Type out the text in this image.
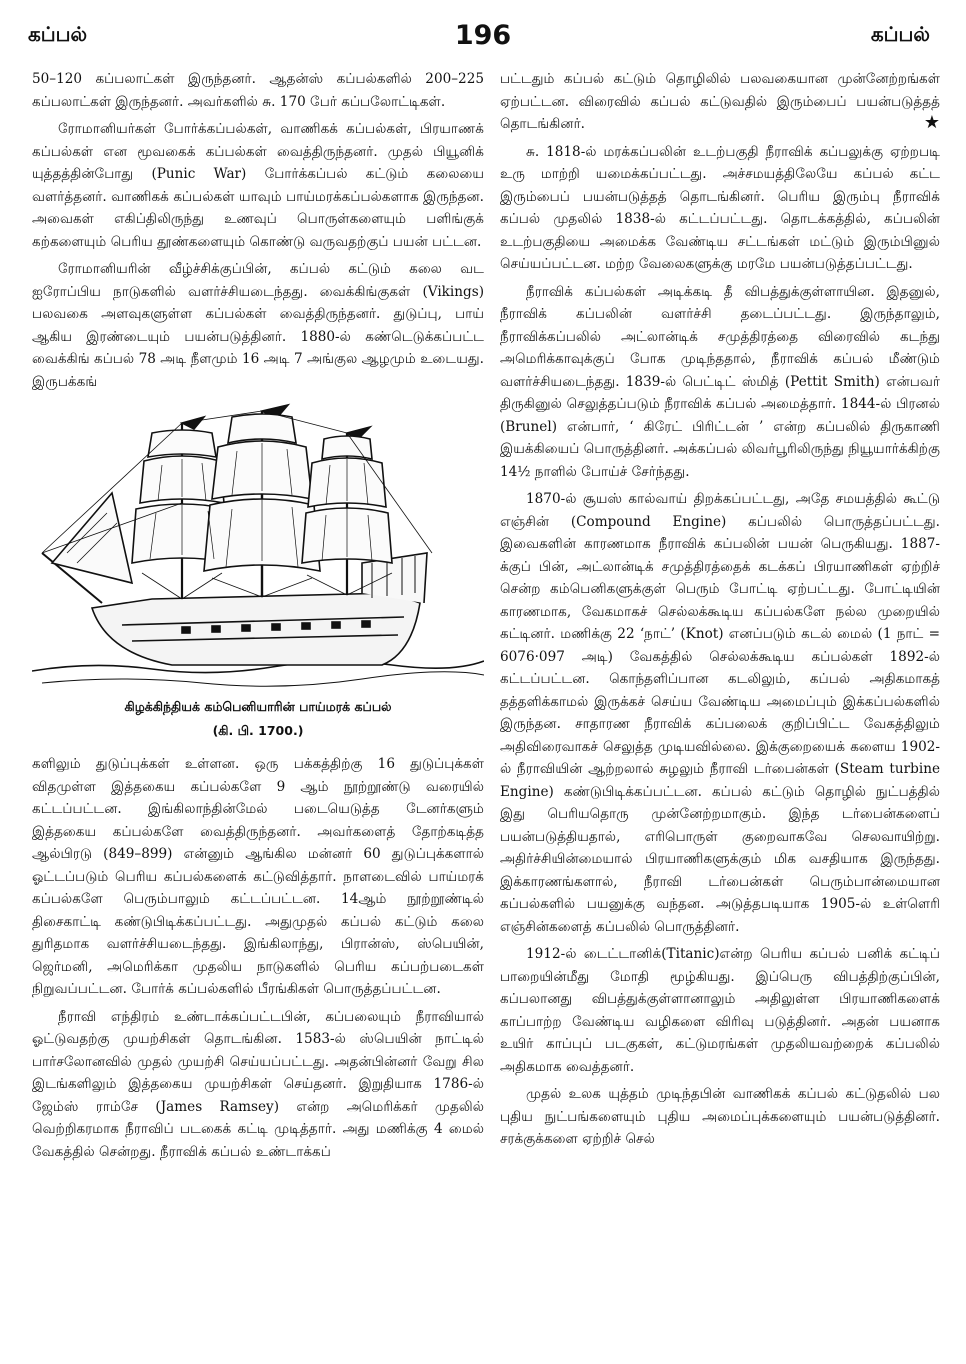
கப்பல்	196	கப்பல்

50–120 கப்பலாட்கள் இருந்தனர். ஆதன்ஸ் கப்பல்களில் 200–225 கப்பலாட்கள் இருந்தனர். அவர்களில் சு. 170 பேர் கப்பலோட்டிகள்.

ரோமானியர்கள் போர்க்கப்பல்கள், வாணிகக் கப்பல்கள், பிரயாணக் கப்பல்கள் என மூவகைக் கப்பல்கள் வைத்திருந்தனர். முதல் பியூனிக் யுத்தத்தின்போது (Punic War) போர்க்கப்பல் கட்டும் கலையை வளர்த்தனர். வாணிகக் கப்பல்கள் யாவும் பாய்மரக்கப்பல்களாக இருந்தன. அவைகள் எகிப்திலிருந்து உணவுப் பொருள்களையும் பளிங்குக் கற்களையும் பெரிய தூண்களையும் கொண்டு வருவதற்குப் பயன் பட்டன.

ரோமானியரின் வீழ்ச்சிக்குப்பின், கப்பல் கட்டும் கலை வட ஐரோப்பிய நாடுகளில் வளர்ச்சியடைந்தது. வைக்கிங்குகள் (Vikings) பலவகை அளவுகளுள்ள கப்பல்கள் வைத்திருந்தனர். துடுப்பு, பாய் ஆகிய இரண்டையும் பயன்படுத்தினர். 1880-ல் கண்டெடுக்கப்பட்ட வைக்கிங் கப்பல் 78 அடி நீளமும் 16 அடி 7 அங்குல ஆழமும் உடையது. இருபக்கங்

கிழக்கிந்தியக் கம்பெனியாரின் பாய்மரக் கப்பல்
(கி. பி. 1700.)

களிலும் துடுப்புக்கள் உள்ளன. ஒரு பக்கத்திற்கு 16 துடுப்புக்கள் விதமுள்ள இத்தகைய கப்பல்களே 9 ஆம் நூற்றூண்டு வரையில் கட்டப்பட்டன. இங்கிலாந்தின்மேல் படையெடுத்த டேனர்களும் இத்தகைய கப்பல்களே வைத்திருந்தனர். அவர்களைத் தோற்கடித்த ஆல்பிரடு (849–899) என்னும் ஆங்கில மன்னர் 60 துடுப்புக்களால் ஓட்டப்படும் பெரிய கப்பல்களைக் கட்டுவித்தார். நாளடைவில் பாய்மரக் கப்பல்களே பெரும்பாலும் கட்டப்பட்டன. 14ஆம் நூற்றூண்டில் திசைகாட்டி கண்டுபிடிக்கப்பட்டது. அதுமுதல் கப்பல் கட்டும் கலை துரிதமாக வளர்ச்சியடைந்தது. இங்கிலாந்து, பிரான்ஸ், ஸ்பெயின், ஜெர்மனி, அமெரிக்கா முதலிய நாடுகளில் பெரிய கப்பற்படைகள் நிறுவப்பட்டன. போர்க் கப்பல்களில் பீரங்கிகள் பொருத்தப்பட்டன.

நீராவி எந்திரம் உண்டாக்கப்பட்டபின், கப்பலையும் நீராவியால் ஓட்டுவதற்கு முயற்சிகள் தொடங்கின. 1583-ல் ஸ்பெயின் நாட்டில் பார்சலோனவில் முதல் முயற்சி செய்யப்பட்டது. அதன்பின்னர் வேறு சில இடங்களிலும் இத்தகைய முயற்சிகள் செய்தனர். இறுதியாக 1786-ல் ஜேம்ஸ் ராம்சே (James Ramsey) என்ற அமெரிக்கர் முதலில் வெற்றிகரமாக நீராவிப் படகைக் கட்டி முடித்தார். அது மணிக்கு 4 மைல் வேகத்தில் சென்றது. நீராவிக் கப்பல் உண்டாக்கப்

பட்டதும் கப்பல் கட்டும் தொழிலில் பலவகையான முன்னேற்றங்கள் ஏற்பட்டன. விரைவில் கப்பல் கட்டுவதில் இரும்பைப் பயன்படுத்தத் தொடங்கினர்.	★

சு. 1818-ல் மரக்கப்பலின் உடற்பகுதி நீராவிக் கப்பலுக்கு ஏற்றபடி உரு மாற்றி யமைக்கப்பட்டது. அச்சமயத்திலேயே கப்பல் கட்ட இரும்பைப் பயன்படுத்தத் தொடங்கினர். பெரிய இரும்பு நீராவிக் கப்பல் முதலில் 1838-ல் கட்டப்பட்டது. தொடக்கத்தில், கப்பலின் உடற்பகுதியை அமைக்க வேண்டிய சட்டங்கள் மட்டும் இரும்பினுல் செய்யப்பட்டன. மற்ற வேலைகளுக்கு மரமே பயன்படுத்தப்பட்டது.

நீராவிக் கப்பல்கள் அடிக்கடி தீ விபத்துக்குள்ளாயின. இதனுல், நீராவிக் கப்பலின் வளர்ச்சி தடைப்பட்டது. இருந்தாலும், நீராவிக்கப்பலில் அட்லான்டிக் சமுத்திரத்தை விரைவில் கடந்து அமெரிக்காவுக்குப் போக முடிந்ததால், நீராவிக் கப்பல் மீண்டும் வளர்ச்சியடைந்தது. 1839-ல் பெட்டிட் ஸ்மித் (Pettit Smith) என்பவர் திருகினுல் செலுத்தப்படும் நீராவிக் கப்பல் அமைத்தார். 1844-ல் பிரனல் (Brunel) என்பார், ‘ கிரேட் பிரிட்டன் ’ என்ற கப்பலில் திருகாணி இயக்கியைப் பொருத்தினர். அக்கப்பல் லிவர்பூரிலிருந்து நியூயார்க்கிற்கு 14½ நாளில் போய்ச் சேர்ந்தது.

1870-ல் சூயஸ் கால்வாய் திறக்கப்பட்டது, அதே சமயத்தில் கூட்டு எஞ்சின் (Compound Engine) கப்பலில் பொருத்தப்பட்டது. இவைகளின் காரணமாக நீராவிக் கப்பலின் பயன் பெருகியது. 1887-க்குப் பின், அட்லான்டிக் சமுத்திரத்தைக் கடக்கப் பிரயாணிகள் ஏற்றிச் சென்ற கம்பெனிகளுக்குள் பெரும் போட்டி ஏற்பட்டது. போட்டியின் காரணமாக, வேகமாகச் செல்லக்கூடிய கப்பல்களே நல்ல முறையில் கட்டினர். மணிக்கு 22 ‘நாட்’ (Knot) எனப்படும் கடல் மைல் (1 நாட் = 6076·097 அடி) வேகத்தில் செல்லக்கூடிய கப்பல்கள் 1892-ல் கட்டப்பட்டன. கொந்தளிப்பான கடலிலும், கப்பல் அதிகமாகத் தத்தளிக்காமல் இருக்கச் செய்ய வேண்டிய அமைப்பும் இக்கப்பல்களில் இருந்தன. சாதாரண நீராவிக் கப்பலைக் குறிப்பிட்ட வேகத்திலும் அதிவிரைவாகச் செலுத்த முடியவில்லை. இக்குறையைக் களைய 1902-ல் நீராவியின் ஆற்றலால் சுழலும் நீராவி டர்பைன்கள் (Steam turbine Engine) கண்டுபிடிக்கப்பட்டன. கப்பல் கட்டும் தொழில் நுட்பத்தில் இது பெரியதொரு முன்னேற்றமாகும். இந்த டர்பைன்களைப் பயன்படுத்தியதால், எரிபொருள் குறைவாகவே செலவாயிற்று. அதிர்ச்சியின்மையால் பிரயாணிகளுக்கும் மிக வசதியாக இருந்தது. இக்காரணங்களால், நீராவி டர்பைன்கள் பெரும்பான்மையான கப்பல்களில் பயனுக்கு வந்தன. அடுத்தபடியாக 1905-ல் உள்ளெரி எஞ்சின்களைத் கப்பலில் பொருத்தினர்.

1912-ல் டைட்டானிக்(Titanic)என்ற பெரிய கப்பல் பனிக் கட்டிப் பாறையின்மீது மோதி மூழ்கியது. இப்பெரு விபத்திற்குப்பின், கப்பலானது விபத்துக்குள்ளானாலும் அதிலுள்ள பிரயாணிகளைக் காப்பாற்ற வேண்டிய வழிகளை விரிவு படுத்தினர். அதன் பயனாக உயிர் காப்புப் படகுகள், கட்டுமரங்கள் முதலியவற்றைக் கப்பலில் அதிகமாக வைத்தனர்.

முதல் உலக யுத்தம் முடிந்தபின் வாணிகக் கப்பல் கட்டுதலில் பல புதிய நுட்பங்களையும் புதிய அமைப்புக்களையும் பயன்படுத்தினர். சரக்குக்களை ஏற்றிச் செல்
